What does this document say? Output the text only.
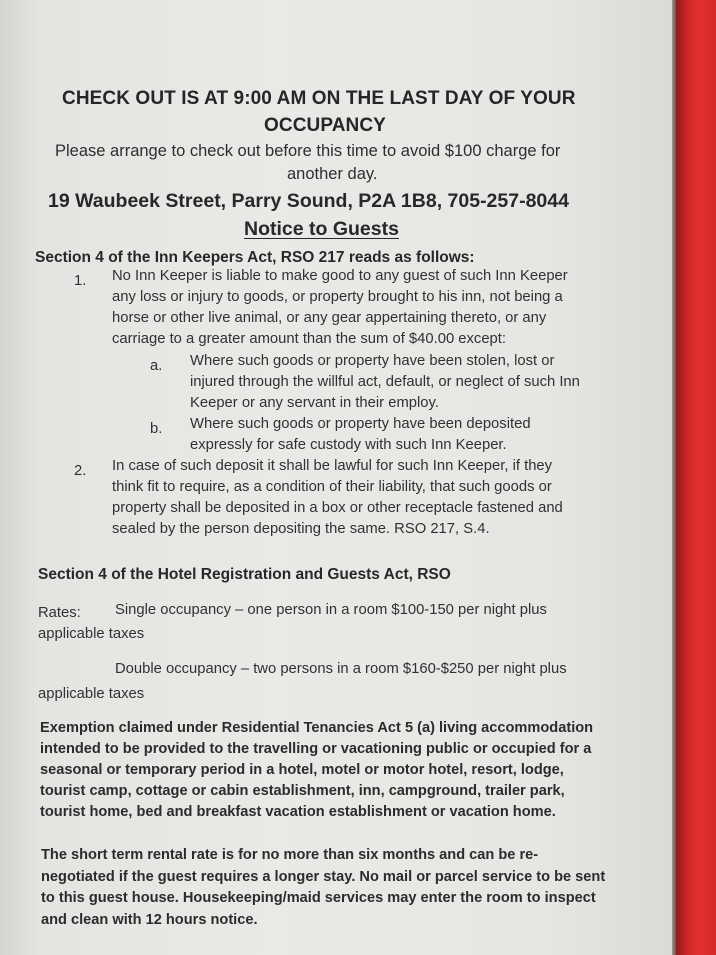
CHECK OUT IS AT 9:00 AM ON THE LAST DAY OF YOUR
OCCUPANCY
Please arrange to check out before this time to avoid $100 charge for
another day.
19 Waubeek Street, Parry Sound, P2A 1B8, 705-257-8044
Notice to Guests
Section 4 of the Inn Keepers Act, RSO 217 reads as follows:
1. No Inn Keeper is liable to make good to any guest of such Inn Keeper
any loss or injury to goods, or property brought to his inn, not being a
horse or other live animal, or any gear appertaining thereto, or any
carriage to a greater amount than the sum of $40.00 except:
a. Where such goods or property have been stolen, lost or
injured through the willful act, default, or neglect of such Inn
Keeper or any servant in their employ.
b. Where such goods or property have been deposited
expressly for safe custody with such Inn Keeper.
2. In case of such deposit it shall be lawful for such Inn Keeper, if they
think fit to require, as a condition of their liability, that such goods or
property shall be deposited in a box or other receptacle fastened and
sealed by the person depositing the same. RSO 217, S.4.
Section 4 of the Hotel Registration and Guests Act, RSO
Rates: Single occupancy – one person in a room $100-150 per night plus
applicable taxes
Double occupancy – two persons in a room $160-$250 per night plus
applicable taxes
Exemption claimed under Residential Tenancies Act 5 (a) living accommodation
intended to be provided to the travelling or vacationing public or occupied for a
seasonal or temporary period in a hotel, motel or motor hotel, resort, lodge,
tourist camp, cottage or cabin establishment, inn, campground, trailer park,
tourist home, bed and breakfast vacation establishment or vacation home.
The short term rental rate is for no more than six months and can be re-
negotiated if the guest requires a longer stay. No mail or parcel service to be sent
to this guest house. Housekeeping/maid services may enter the room to inspect
and clean with 12 hours notice.
